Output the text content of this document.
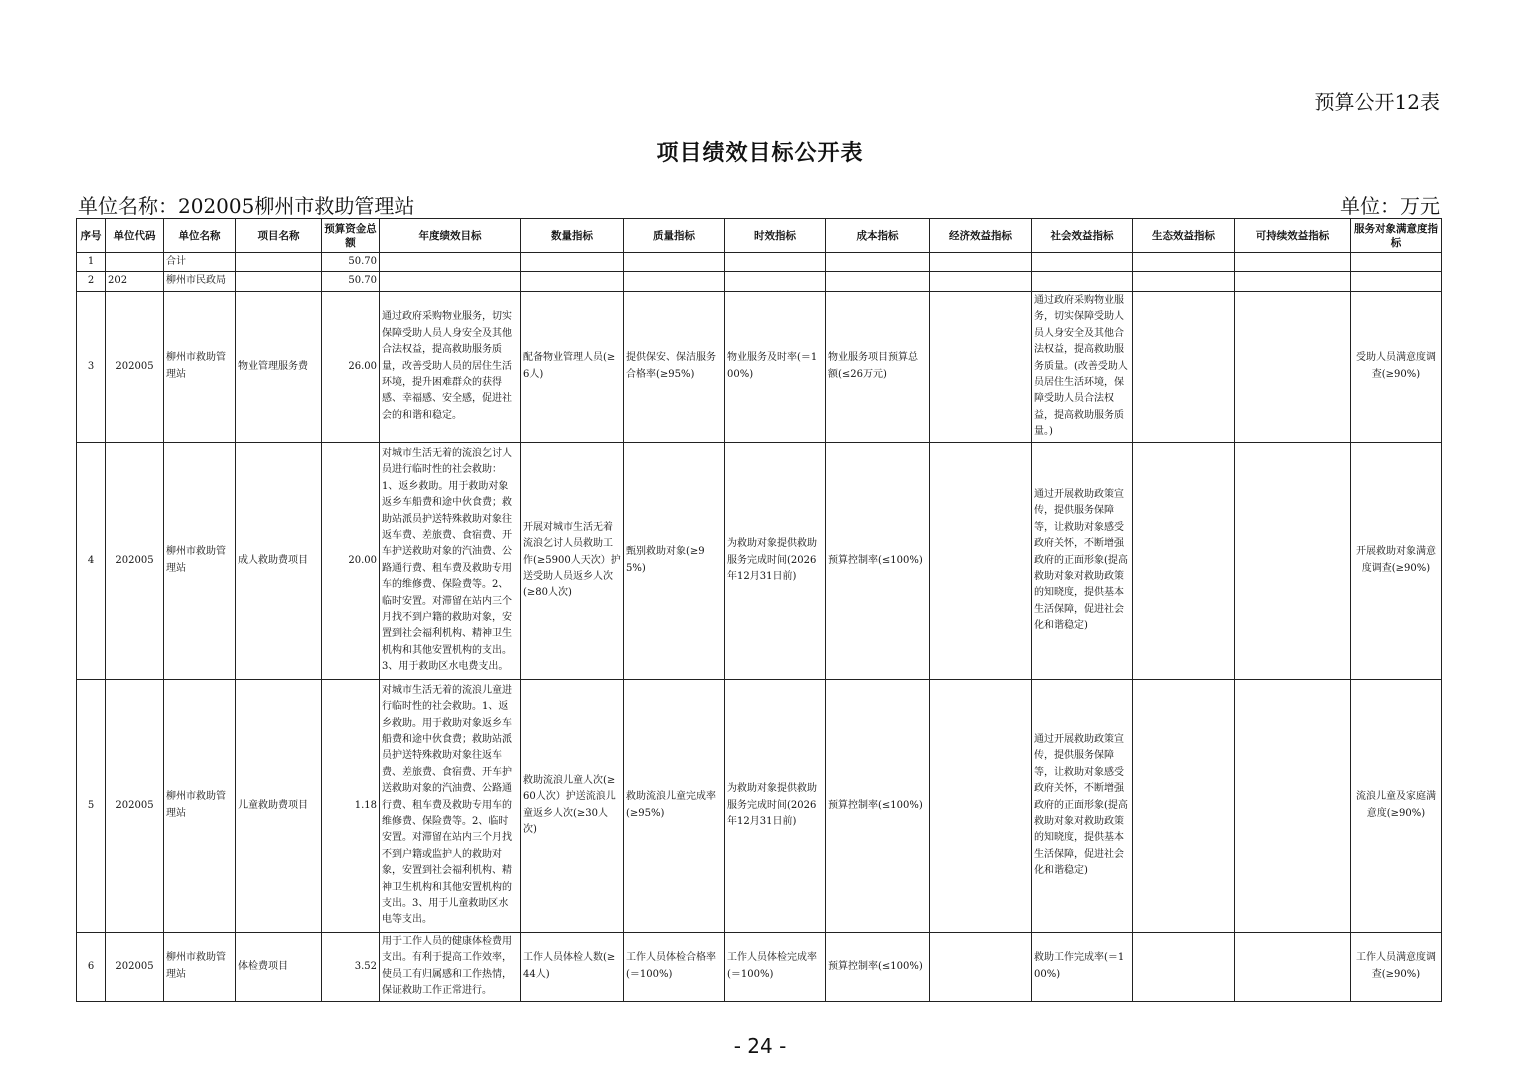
预算公开12表
项目绩效目标公开表
单位名称：202005柳州市救助管理站	单位：万元
序号	单位代码	单位名称	项目名称	预算资金总额	年度绩效目标	数量指标	质量指标	时效指标	成本指标	经济效益指标	社会效益指标	生态效益指标	可持续效益指标	服务对象满意度指标
1		合计		50.70										
2	202	柳州市民政局		50.70										
3	202005	柳州市救助管理站	物业管理服务费	26.00	通过政府采购物业服务，切实保障受助人员人身安全及其他合法权益，提高救助服务质量，改善受助人员的居住生活环境，提升困难群众的获得感、幸福感、安全感，促进社会的和谐和稳定。	配备物业管理人员(≥6人)	提供保安、保洁服务合格率(≥95%)	物业服务及时率(＝100%)	物业服务项目预算总额(≤26万元)		通过政府采购物业服务，切实保障受助人员人身安全及其他合法权益，提高救助服务质量。(改善受助人员居住生活环境，保障受助人员合法权益，提高救助服务质量。)			受助人员满意度调查(≥90%)
4	202005	柳州市救助管理站	成人救助费项目	20.00	对城市生活无着的流浪乞讨人员进行临时性的社会救助：1、返乡救助。用于救助对象返乡车船费和途中伙食费；救助站派员护送特殊救助对象往返车费、差旅费、食宿费、开车护送救助对象的汽油费、公路通行费、租车费及救助专用车的维修费、保险费等。2、临时安置。对滞留在站内三个月找不到户籍的救助对象，安置到社会福利机构、精神卫生机构和其他安置机构的支出。3、用于救助区水电费支出。	开展对城市生活无着流浪乞讨人员救助工作(≥5900人天次）护送受助人员返乡人次(≥80人次)	甄别救助对象(≥95%)	为救助对象提供救助服务完成时间(2026年12月31日前)	预算控制率(≤100%)		通过开展救助政策宣传，提供服务保障等，让救助对象感受政府关怀，不断增强政府的正面形象(提高救助对象对救助政策的知晓度，提供基本生活保障，促进社会化和谐稳定)			开展救助对象满意度调查(≥90%)
5	202005	柳州市救助管理站	儿童救助费项目	1.18	对城市生活无着的流浪儿童进行临时性的社会救助。1、返乡救助。用于救助对象返乡车船费和途中伙食费；救助站派员护送特殊救助对象往返车费、差旅费、食宿费、开车护送救助对象的汽油费、公路通行费、租车费及救助专用车的维修费、保险费等。2、临时安置。对滞留在站内三个月找不到户籍或监护人的救助对象，安置到社会福利机构、精神卫生机构和其他安置机构的支出。3、用于儿童救助区水电等支出。	救助流浪儿童人次(≥60人次）护送流浪儿童返乡人次(≥30人次)	救助流浪儿童完成率(≥95%)	为救助对象提供救助服务完成时间(2026年12月31日前)	预算控制率(≤100%)		通过开展救助政策宣传，提供服务保障等，让救助对象感受政府关怀，不断增强政府的正面形象(提高救助对象对救助政策的知晓度，提供基本生活保障，促进社会化和谐稳定)			流浪儿童及家庭满意度(≥90%)
6	202005	柳州市救助管理站	体检费项目	3.52	用于工作人员的健康体检费用支出。有利于提高工作效率，使员工有归属感和工作热情，保证救助工作正常进行。	工作人员体检人数(≥44人)	工作人员体检合格率(＝100%)	工作人员体检完成率(＝100%)	预算控制率(≤100%)		救助工作完成率(＝100%)			工作人员满意度调查(≥90%)
- 24 -
